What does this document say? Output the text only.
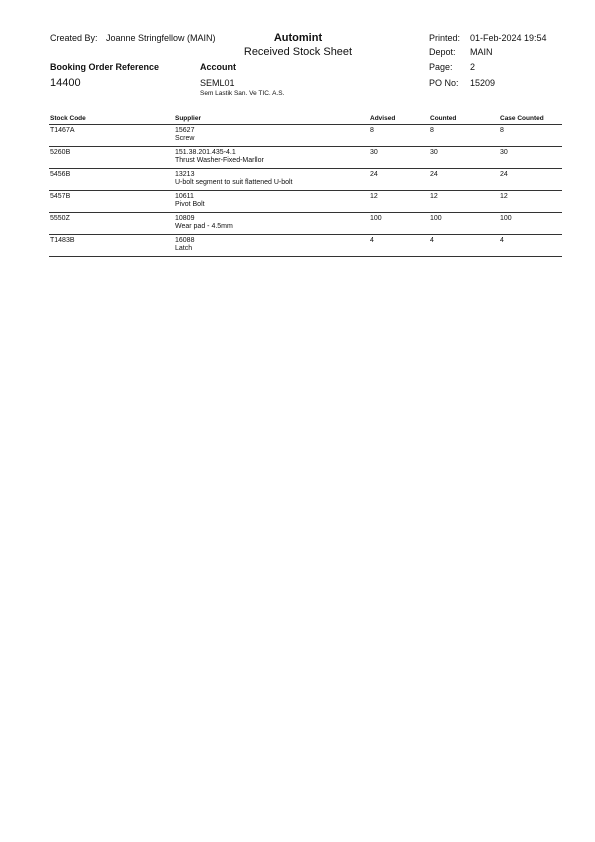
Created By: Joanne Stringfellow (MAIN)	Automint
Received Stock Sheet
Printed: 01-Feb-2024 19:54
Depot: MAIN
Page: 2
PO No: 15209
Booking Order Reference
14400
Account
SEML01
Sem Lastik San. Ve TIC. A.S.
Stock Code	Supplier	Advised	Counted	Case Counted
T1467A	15627	8	8	8
Screw
5260B	151.38.201.435-4.1	30	30	30
Thrust Washer-Fixed-Marllor
5456B	13213	24	24	24
U-bolt segment to suit flattened U-bolt
5457B	10611	12	12	12
Pivot Bolt
5550Z	10809	100	100	100
Wear pad - 4.5mm
T1483B	16088	4	4	4
Latch
